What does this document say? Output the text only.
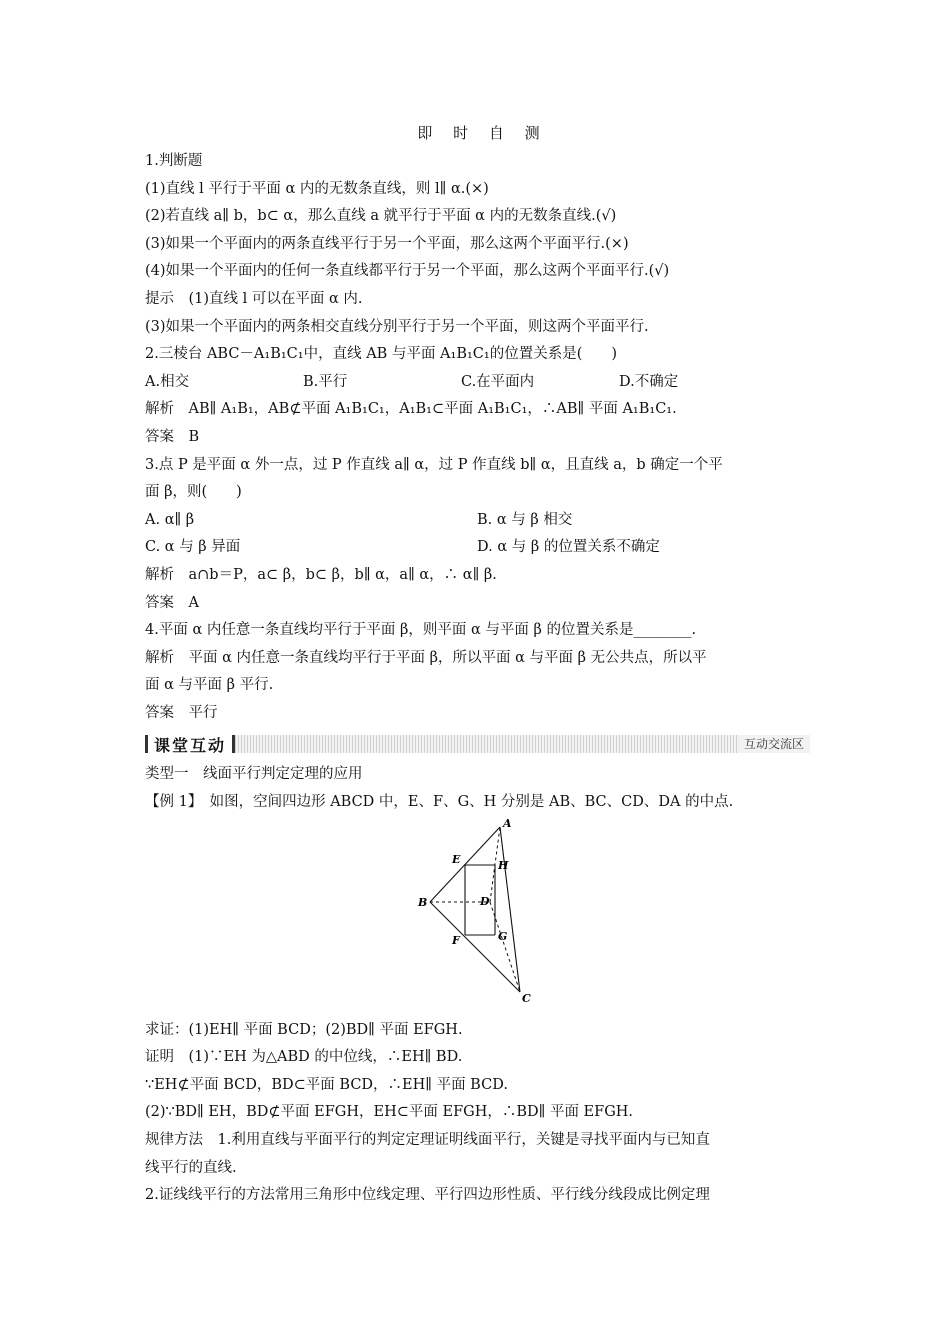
即 时 自 测
1.判断题
(1)直线 l 平行于平面 α 内的无数条直线，则 l∥ α.(×)
(2)若直线 a∥ b，b⊂ α，那么直线 a 就平行于平面 α 内的无数条直线.(√)
(3)如果一个平面内的两条直线平行于另一个平面，那么这两个平面平行.(×)
(4)如果一个平面内的任何一条直线都平行于另一个平面，那么这两个平面平行.(√)
提示　(1)直线 l 可以在平面 α 内.
(3)如果一个平面内的两条相交直线分别平行于另一个平面，则这两个平面平行.
2.三棱台 ABC－A₁B₁C₁中，直线 AB 与平面 A₁B₁C₁的位置关系是(　　)
A.相交	B.平行	C.在平面内	D.不确定
解析　AB∥ A₁B₁，AB⊄平面 A₁B₁C₁，A₁B₁⊂平面 A₁B₁C₁，∴AB∥ 平面 A₁B₁C₁.
答案　B
3.点 P 是平面 α 外一点，过 P 作直线 a∥ α，过 P 作直线 b∥ α，且直线 a，b 确定一个平
面 β，则(　　)
A. α∥ β	B. α 与 β 相交
C. α 与 β 异面	D. α 与 β 的位置关系不确定
解析　a∩b＝P，a⊂ β，b⊂ β，b∥ α，a∥ α，∴ α∥ β.
答案　A
4.平面 α 内任意一条直线均平行于平面 β，则平面 α 与平面 β 的位置关系是________.
解析　平面 α 内任意一条直线均平行于平面 β，所以平面 α 与平面 β 无公共点，所以平
面 α 与平面 β 平行.
答案　平行
课堂互动	互动交流区
类型一　线面平行判定定理的应用
【例 1】　如图，空间四边形 ABCD 中，E、F、G、H 分别是 AB、BC、CD、DA 的中点.
A
B
C
D
E
F	G
H
求证：(1)EH∥ 平面 BCD；(2)BD∥ 平面 EFGH.
证明　(1)∵EH 为△ABD 的中位线，∴EH∥ BD.
∵EH⊄平面 BCD，BD⊂平面 BCD，∴EH∥ 平面 BCD.
(2)∵BD∥ EH，BD⊄平面 EFGH，EH⊂平面 EFGH，∴BD∥ 平面 EFGH.
规律方法　1.利用直线与平面平行的判定定理证明线面平行，关键是寻找平面内与已知直
线平行的直线.
2.证线线平行的方法常用三角形中位线定理、平行四边形性质、平行线分线段成比例定理
